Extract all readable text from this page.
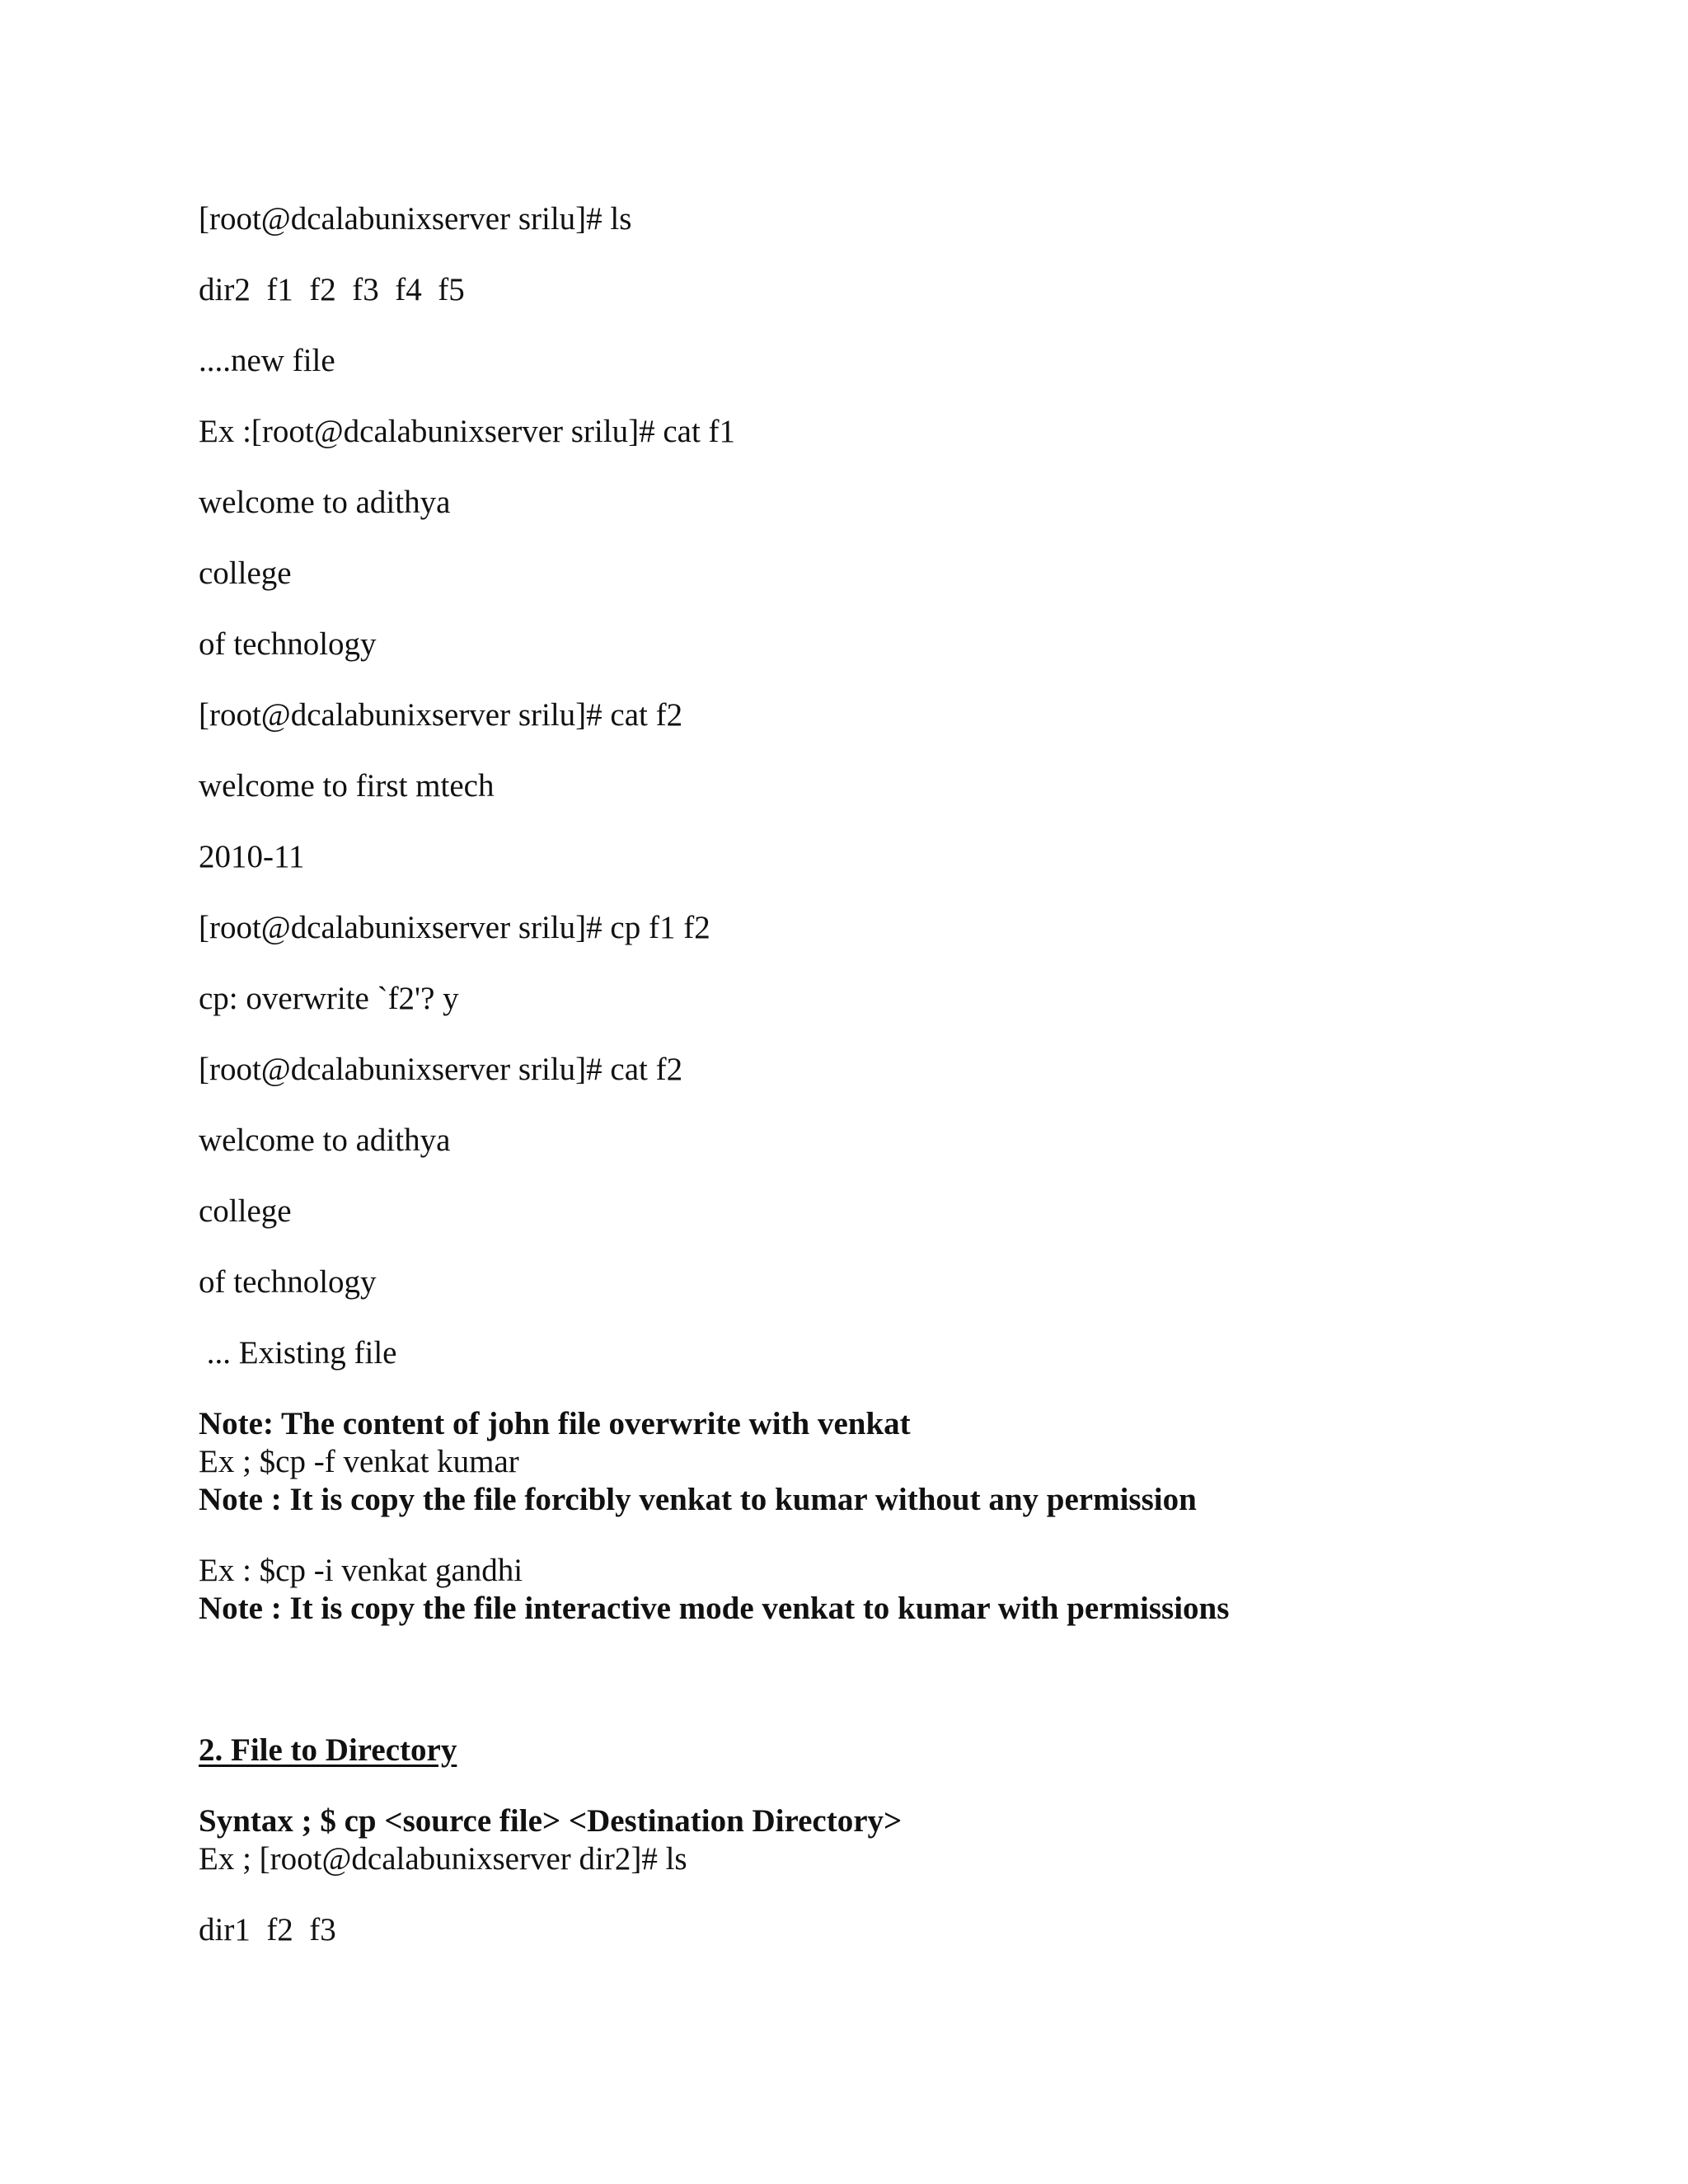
[root@dcalabunixserver srilu]# ls

dir2  f1  f2  f3  f4  f5

....new file

Ex :[root@dcalabunixserver srilu]# cat f1

welcome to adithya

college

of technology

[root@dcalabunixserver srilu]# cat f2

welcome to first mtech

2010-11

[root@dcalabunixserver srilu]# cp f1 f2

cp: overwrite `f2'? y

[root@dcalabunixserver srilu]# cat f2

welcome to adithya

college

of technology

... Existing file

Note: The content of john file overwrite with venkat

Ex ; $cp -f venkat kumar

Note : It is copy the file forcibly venkat to kumar without any permission

Ex : $cp -i venkat gandhi

Note : It is copy the file interactive mode venkat to kumar with permissions

2. File to Directory

Syntax ; $ cp <source file> <Destination Directory>

Ex ; [root@dcalabunixserver dir2]# ls

dir1  f2  f3
